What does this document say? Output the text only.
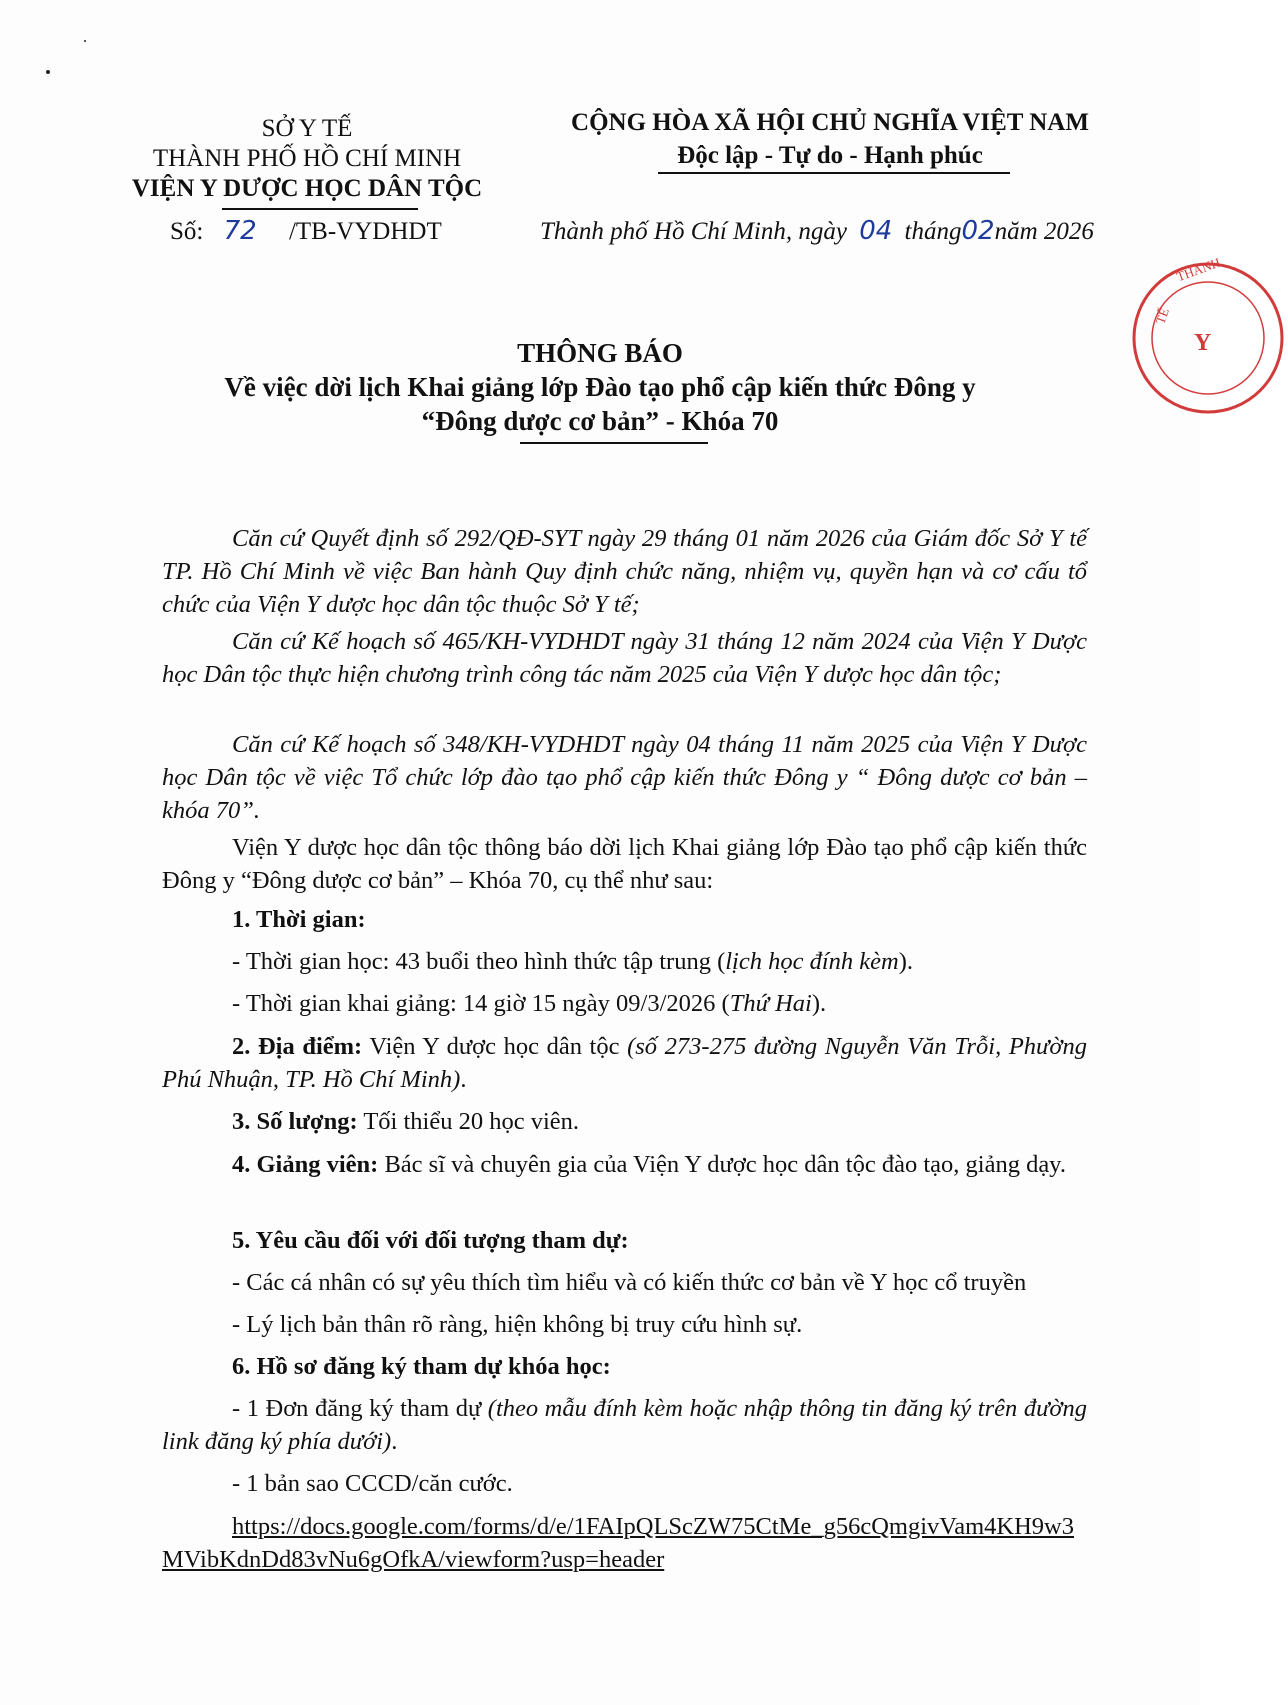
SỞ Y TẾ
THÀNH PHỐ HỒ CHÍ MINH
VIỆN Y DƯỢC HỌC DÂN TỘC
Số: 72 /TB-VYDHDT
CỘNG HÒA XÃ HỘI CHỦ NGHĨA VIỆT NAM
Độc lập - Tự do - Hạnh phúc
Thành phố Hồ Chí Minh, ngày 04 tháng02năm 2026
Y
TẾ
THÀNH
THÔNG BÁO
Về việc dời lịch Khai giảng lớp Đào tạo phổ cập kiến thức Đông y
“Đông dược cơ bản” - Khóa 70
Căn cứ Quyết định số 292/QĐ-SYT ngày 29 tháng 01 năm 2026 của Giám đốc Sở Y tế TP. Hồ Chí Minh về việc Ban hành Quy định chức năng, nhiệm vụ, quyền hạn và cơ cấu tổ chức của Viện Y dược học dân tộc thuộc Sở Y tế;
Căn cứ Kế hoạch số 465/KH-VYDHDT ngày 31 tháng 12 năm 2024 của Viện Y Dược học Dân tộc thực hiện chương trình công tác năm 2025 của Viện Y dược học dân tộc;
Căn cứ Kế hoạch số 348/KH-VYDHDT ngày 04 tháng 11 năm 2025 của Viện Y Dược học Dân tộc về việc Tổ chức lớp đào tạo phổ cập kiến thức Đông y “ Đông dược cơ bản – khóa 70”.
Viện Y dược học dân tộc thông báo dời lịch Khai giảng lớp Đào tạo phổ cập kiến thức Đông y “Đông dược cơ bản” – Khóa 70, cụ thể như sau:
1. Thời gian:
- Thời gian học: 43 buổi theo hình thức tập trung (lịch học đính kèm).
- Thời gian khai giảng: 14 giờ 15 ngày 09/3/2026 (Thứ Hai).
2. Địa điểm: Viện Y dược học dân tộc (số 273-275 đường Nguyễn Văn Trỗi, Phường Phú Nhuận, TP. Hồ Chí Minh).
3. Số lượng: Tối thiểu 20 học viên.
4. Giảng viên: Bác sĩ và chuyên gia của Viện Y dược học dân tộc đào tạo, giảng dạy.
5. Yêu cầu đối với đối tượng tham dự:
- Các cá nhân có sự yêu thích tìm hiểu và có kiến thức cơ bản về Y học cổ truyền
- Lý lịch bản thân rõ ràng, hiện không bị truy cứu hình sự.
6. Hồ sơ đăng ký tham dự khóa học:
- 1 Đơn đăng ký tham dự (theo mẫu đính kèm hoặc nhập thông tin đăng ký trên đường link đăng ký phía dưới).
- 1 bản sao CCCD/căn cước.
https://docs.google.com/forms/d/e/1FAIpQLScZW75CtMe_g56cQmgivVam4KH9w3MVibKdnDd83vNu6gOfkA/viewform?usp=header
